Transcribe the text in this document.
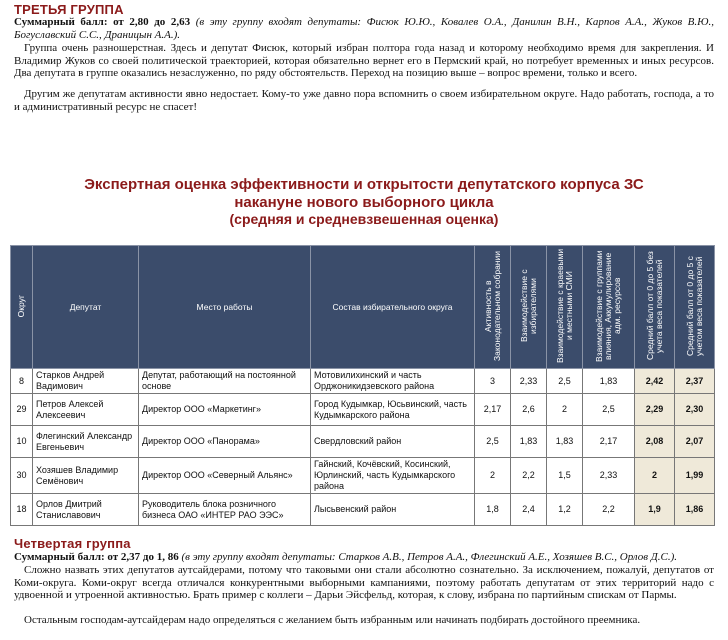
ТРЕТЬЯ ГРУППА
Суммарный балл: от 2,80 до 2,63 (в эту группу входят депутаты: Фисюк Ю.Ю., Ковалев О.А., Данилин В.Н., Карпов А.А., Жуков В.Ю., Богуславский С.С., Драницын А.А.).
Группа очень разношерстная. Здесь и депутат Фисюк, который избран полтора года назад и которому необходимо время для закрепления. И Владимир Жуков со своей политической траекторией, которая обязательно вернет его в Пермский край, но потребует временных и иных ресурсов. Два депутата в группе оказались незаслуженно, по ряду обстоятельств. Переход на позицию выше – вопрос времени, только и всего.
Другим же депутатам активности явно недостает. Кому-то уже давно пора вспомнить о своем избирательном округе. Надо работать, господа, а то и административный ресурс не спасет!
Экспертная оценка эффективности и открытости депутатского корпуса ЗС
накануне нового выборного цикла
(средняя и средневзвешенная оценка)
Округ	Депутат	Место работы	Состав избирательного округа	Активность в Законодательном собрании	Взаимодействие с избирателями	Взаимодействие с краевыми и местными СМИ	Взаимодействие с группами влияния, Аккумулирование адм. ресурсов	Средний балл от 0 до 5 без учета веса показателей	Средний балл от 0 до 5 с учетом веса показателей
8	Старков Андрей Вадимович	Депутат, работающий на постоянной основе	Мотовилихинский и часть Орджоникидзевского района	3	2,33	2,5	1,83	2,42	2,37
29	Петров Алексей Алексеевич	Директор ООО «Маркетинг»	Город Кудымкар, Юсьвинский, часть Кудымкарского района	2,17	2,6	2	2,5	2,29	2,30
10	Флегинский Александр Евгеньевич	Директор ООО «Панорама»	Свердловский район	2,5	1,83	1,83	2,17	2,08	2,07
30	Хозяшев Владимир Семёнович	Директор ООО «Северный Альянс»	Гайнский, Кочёвский, Косинский, Юрлинский, часть Кудымкарского района	2	2,2	1,5	2,33	2	1,99
18	Орлов Дмитрий Станиславович	Руководитель блока розничного бизнеса ОАО «ИНТЕР РАО ЭЭС»	Лысьвенский район	1,8	2,4	1,2	2,2	1,9	1,86
Четвертая группа
Суммарный балл: от 2,37 до 1, 86 (в эту группу входят депутаты: Старков А.В., Петров А.А., Флегинский А.Е., Хозяшев В.С., Орлов Д.С.).
Сложно назвать этих депутатов аутсайдерами, потому что таковыми они стали абсолютно сознательно. За исключением, пожалуй, депутатов от Коми-округа. Коми-округ всегда отличался конкурентными выборными кампаниями, поэтому работать депутатам от этих территорий надо с удвоенной и утроенной активностью. Брать пример с коллеги – Дарьи Эйсфельд, которая, к слову, избрана по партийным спискам от Пармы.
Остальным господам-аутсайдерам надо определяться с желанием быть избранным или начинать подбирать достойного преемника.
